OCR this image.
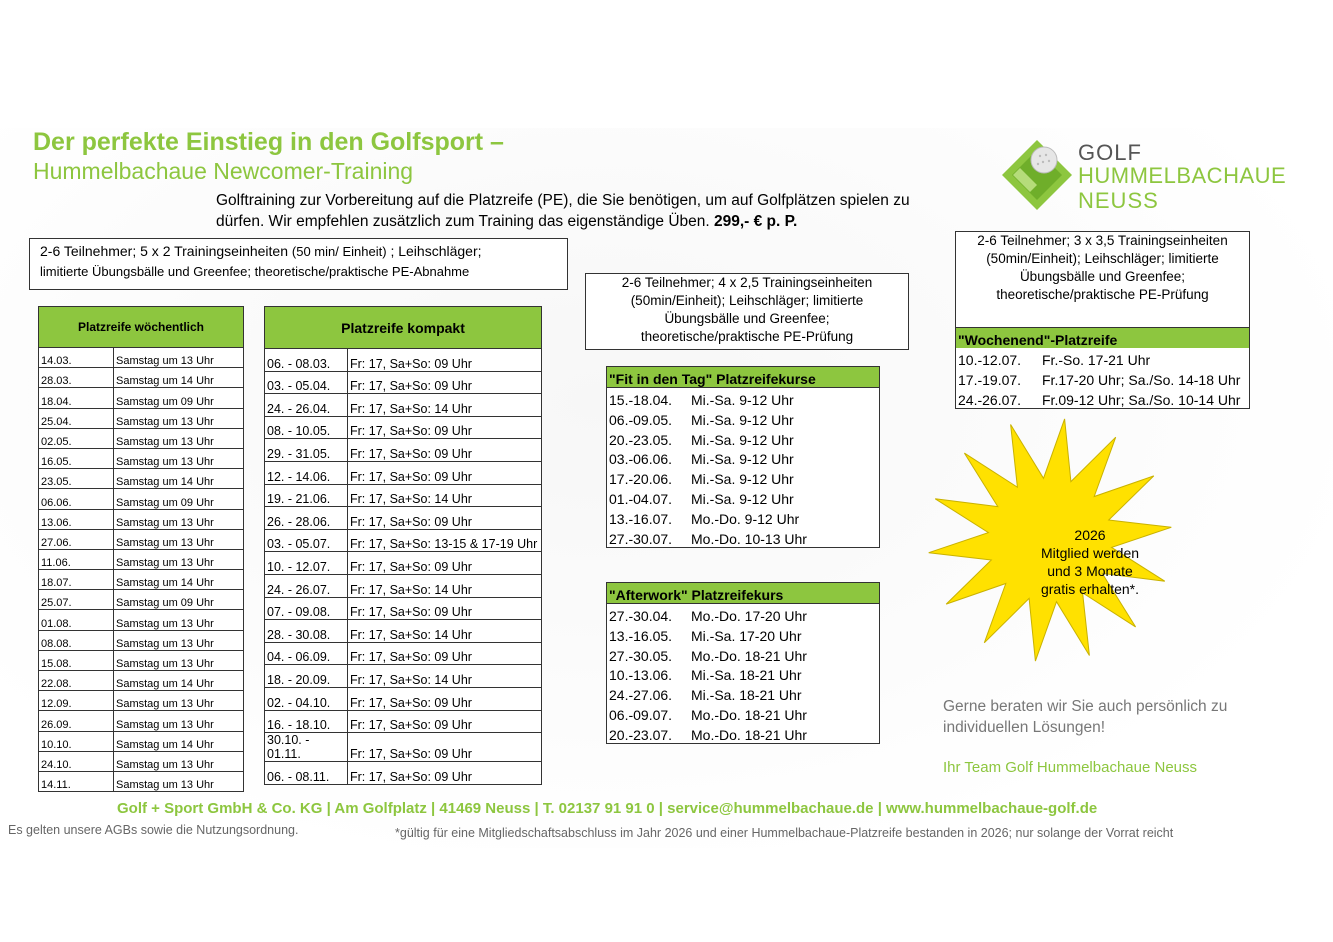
Der perfekte Einstieg in den Golfsport –
Hummelbachaue Newcomer-Training
Golftraining zur Vorbereitung auf die Platzreife (PE), die Sie benötigen, um auf Golfplätzen spielen zu dürfen. Wir empfehlen zusätzlich zum Training das eigenständige Üben. 299,- € p. P.
GOLF
HUMMELBACHAUE
NEUSS
2-6 Teilnehmer; 5 x 2 Trainingseinheiten (50 min/ Einheit) ; Leihschläger;
limitierte Übungsbälle und Greenfee; theoretische/praktische PE-Abnahme
2-6 Teilnehmer; 4 x 2,5 Trainingseinheiten
(50min/Einheit); Leihschläger; limitierte
Übungsbälle und Greenfee;
theoretische/praktische PE-Prüfung
2-6 Teilnehmer; 3 x 3,5 Trainingseinheiten
(50min/Einheit); Leihschläger; limitierte
Übungsbälle und Greenfee;
theoretische/praktische PE-Prüfung
Platzreife wöchentlich	
14.03.	Samstag um 13 Uhr
28.03.	Samstag um 14 Uhr
18.04.	Samstag um 09 Uhr
25.04.	Samstag um 13 Uhr
02.05.	Samstag um 13 Uhr
16.05.	Samstag um 13 Uhr
23.05.	Samstag um 14 Uhr
06.06.	Samstag um 09 Uhr
13.06.	Samstag um 13 Uhr
27.06.	Samstag um 13 Uhr
11.06.	Samstag um 13 Uhr
18.07.	Samstag um 14 Uhr
25.07.	Samstag um 09 Uhr
01.08.	Samstag um 13 Uhr
08.08.	Samstag um 13 Uhr
15.08.	Samstag um 13 Uhr
22.08.	Samstag um 14 Uhr
12.09.	Samstag um 13 Uhr
26.09.	Samstag um 13 Uhr
10.10.	Samstag um 14 Uhr
24.10.	Samstag um 13 Uhr
14.11.	Samstag um 13 Uhr
Platzreife kompakt	
06. - 08.03.	Fr: 17, Sa+So: 09 Uhr
03. - 05.04.	Fr: 17, Sa+So: 09 Uhr
24. - 26.04.	Fr: 17, Sa+So: 14 Uhr
08. - 10.05.	Fr: 17, Sa+So: 09 Uhr
29. - 31.05.	Fr: 17, Sa+So: 09 Uhr
12. - 14.06.	Fr: 17, Sa+So: 09 Uhr
19. - 21.06.	Fr: 17, Sa+So: 14 Uhr
26. - 28.06.	Fr: 17, Sa+So: 09 Uhr
03. - 05.07.	Fr: 17, Sa+So: 13-15 & 17-19 Uhr
10. - 12.07.	Fr: 17, Sa+So: 09 Uhr
24. - 26.07.	Fr: 17, Sa+So: 14 Uhr
07. - 09.08.	Fr: 17, Sa+So: 09 Uhr
28. - 30.08.	Fr: 17, Sa+So: 14 Uhr
04. - 06.09.	Fr: 17, Sa+So: 09 Uhr
18. - 20.09.	Fr: 17, Sa+So: 14 Uhr
02. - 04.10.	Fr: 17, Sa+So: 09 Uhr
16. - 18.10.	Fr: 17, Sa+So: 09 Uhr
30.10. - 01.11.	Fr: 17, Sa+So: 09 Uhr
06. - 08.11.	Fr: 17, Sa+So: 09 Uhr
"Fit in den Tag" Platzreifekurse	
15.-18.04.	Mi.-Sa. 9-12 Uhr
06.-09.05.	Mi.-Sa. 9-12 Uhr
20.-23.05.	Mi.-Sa. 9-12 Uhr
03.-06.06.	Mi.-Sa. 9-12 Uhr
17.-20.06.	Mi.-Sa. 9-12 Uhr
01.-04.07.	Mi.-Sa. 9-12 Uhr
13.-16.07.	Mo.-Do. 9-12 Uhr
27.-30.07.	Mo.-Do. 10-13 Uhr
"Afterwork" Platzreifekurs	
27.-30.04.	Mo.-Do. 17-20 Uhr
13.-16.05.	Mi.-Sa. 17-20 Uhr
27.-30.05.	Mo.-Do. 18-21 Uhr
10.-13.06.	Mi.-Sa. 18-21 Uhr
24.-27.06.	Mi.-Sa. 18-21 Uhr
06.-09.07.	Mo.-Do. 18-21 Uhr
20.-23.07.	Mo.-Do. 18-21 Uhr

"Wochenend"-Platzreife	
10.-12.07.	Fr.-So. 17-21 Uhr
17.-19.07.	Fr.17-20 Uhr; Sa./So. 14-18 Uhr
24.-26.07.	Fr.09-12 Uhr; Sa./So. 10-14 Uhr
2026
Mitglied werden
und 3 Monate
gratis erhalten*.
Gerne beraten wir Sie auch persönlich zu
individuellen Lösungen!
Ihr Team Golf Hummelbachaue Neuss
Golf + Sport GmbH & Co. KG | Am Golfplatz | 41469 Neuss | T. 02137 91 91 0 | service@hummelbachaue.de | www.hummelbachaue-golf.de
Es gelten unsere AGBs sowie die Nutzungsordnung.	*gültig für eine Mitgliedschaftsabschluss im Jahr 2026 und einer Hummelbachaue-Platzreife bestanden in 2026; nur solange der Vorrat reicht
